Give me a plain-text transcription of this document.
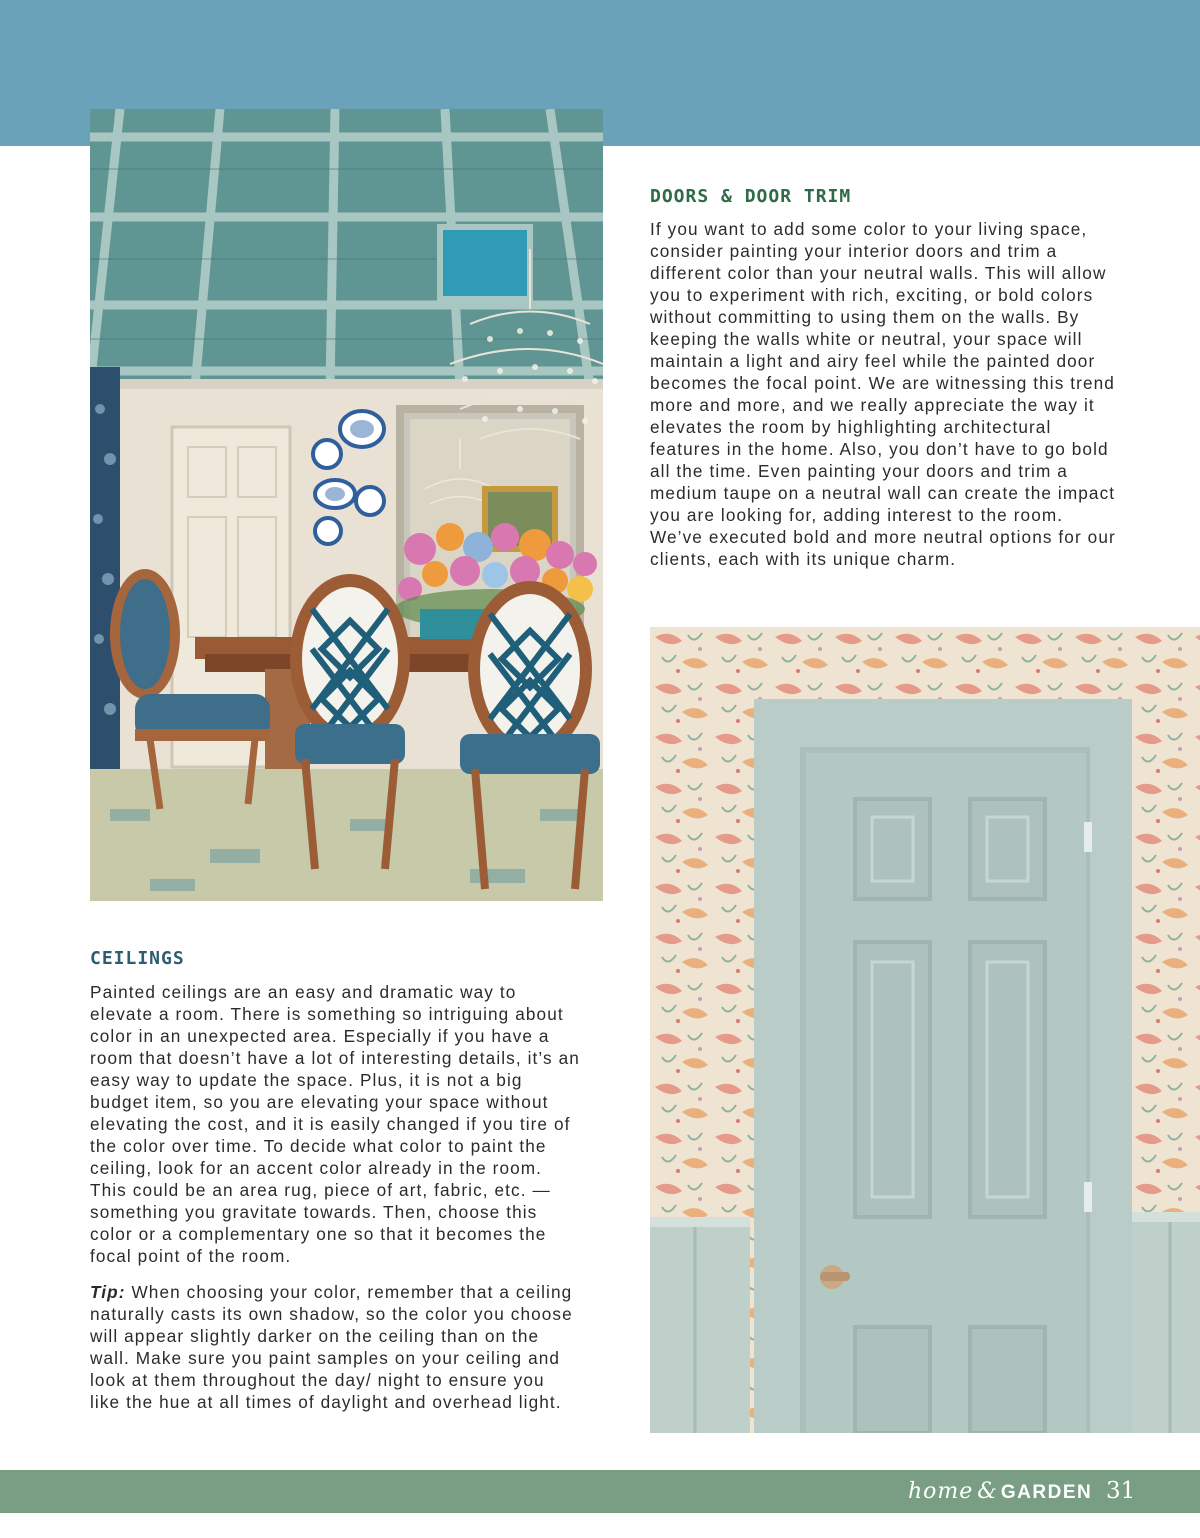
DOORS & DOOR TRIM

If you want to add some color to your living space, consider painting your interior doors and trim a different color than your neutral walls. This will allow you to experiment with rich, exciting, or bold colors without committing to using them on the walls. By keeping the walls white or neutral, your space will maintain a light and airy feel while the painted door becomes the focal point. We are witnessing this trend more and more, and we really appreciate the way it elevates the room by highlighting architectural features in the home. Also, you don’t have to go bold all the time. Even painting your doors and trim a medium taupe on a neutral wall can create the impact you are looking for, adding interest to the room. We’ve executed bold and more neutral options for our clients, each with its unique charm.

CEILINGS

Painted ceilings are an easy and dramatic way to elevate a room. There is something so intriguing about color in an unexpected area. Especially if you have a room that doesn’t have a lot of interesting details, it’s an easy way to update the space. Plus, it is not a big budget item, so you are elevating your space without elevating the cost, and it is easily changed if you tire of the color over time. To decide what color to paint the ceiling, look for an accent color already in the room. This could be an area rug, piece of art, fabric, etc. — something you gravitate towards. Then, choose this color or a complementary one so that it becomes the focal point of the room.

Tip: When choosing your color, remember that a ceiling naturally casts its own shadow, so the color you choose will appear slightly darker on the ceiling than on the wall. Make sure you paint samples on your ceiling and look at them throughout the day/ night to ensure you like the hue at all times of daylight and overhead light.

home & GARDEN 31
